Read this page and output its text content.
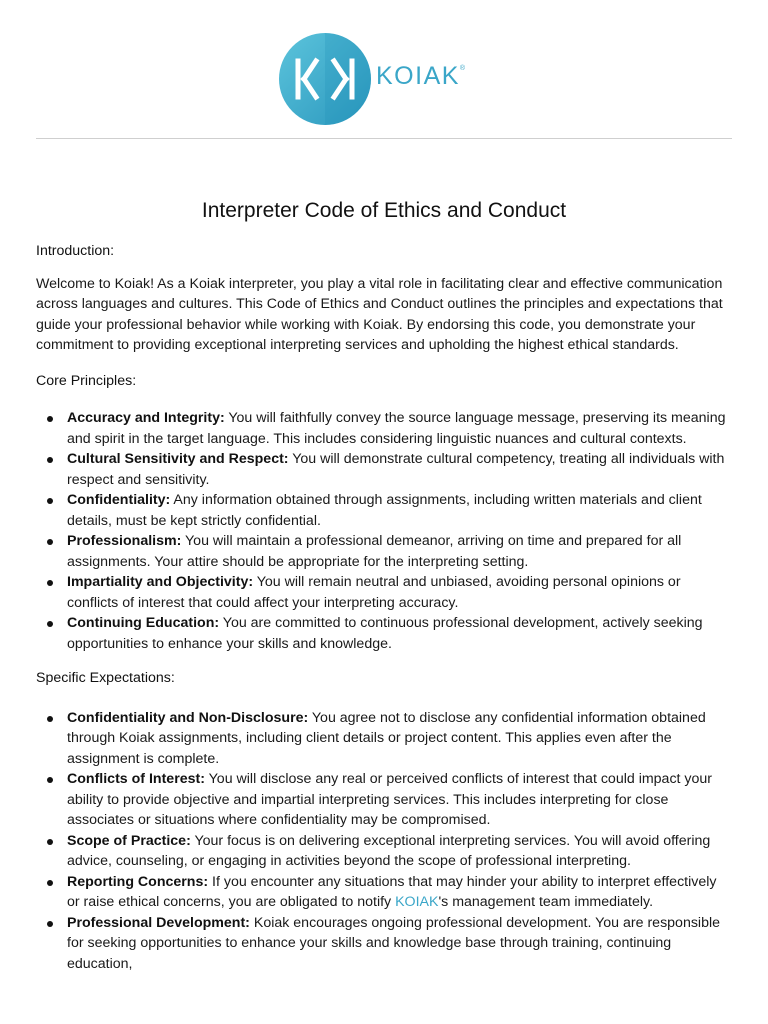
KOIAK®
Interpreter Code of Ethics and Conduct
Introduction:

Welcome to Koiak! As a Koiak interpreter, you play a vital role in facilitating clear and effective communication across languages and cultures. This Code of Ethics and Conduct outlines the principles and expectations that guide your professional behavior while working with Koiak. By endorsing this code, you demonstrate your commitment to providing exceptional interpreting services and upholding the highest ethical standards.

Core Principles:
Accuracy and Integrity: You will faithfully convey the source language message, preserving its meaning and spirit in the target language. This includes considering linguistic nuances and cultural contexts.
Cultural Sensitivity and Respect: You will demonstrate cultural competency, treating all individuals with respect and sensitivity.
Confidentiality: Any information obtained through assignments, including written materials and client details, must be kept strictly confidential.
Professionalism: You will maintain a professional demeanor, arriving on time and prepared for all assignments. Your attire should be appropriate for the interpreting setting.
Impartiality and Objectivity: You will remain neutral and unbiased, avoiding personal opinions or conflicts of interest that could affect your interpreting accuracy.
Continuing Education: You are committed to continuous professional development, actively seeking opportunities to enhance your skills and knowledge.
Specific Expectations:
Confidentiality and Non-Disclosure: You agree not to disclose any confidential information obtained through Koiak assignments, including client details or project content. This applies even after the assignment is complete.
Conflicts of Interest: You will disclose any real or perceived conflicts of interest that could impact your ability to provide objective and impartial interpreting services. This includes interpreting for close associates or situations where confidentiality may be compromised.
Scope of Practice: Your focus is on delivering exceptional interpreting services. You will avoid offering advice, counseling, or engaging in activities beyond the scope of professional interpreting.
Reporting Concerns: If you encounter any situations that may hinder your ability to interpret effectively or raise ethical concerns, you are obligated to notify KOIAK's management team immediately.
Professional Development: Koiak encourages ongoing professional development. You are responsible for seeking opportunities to enhance your skills and knowledge base through training, continuing education,
